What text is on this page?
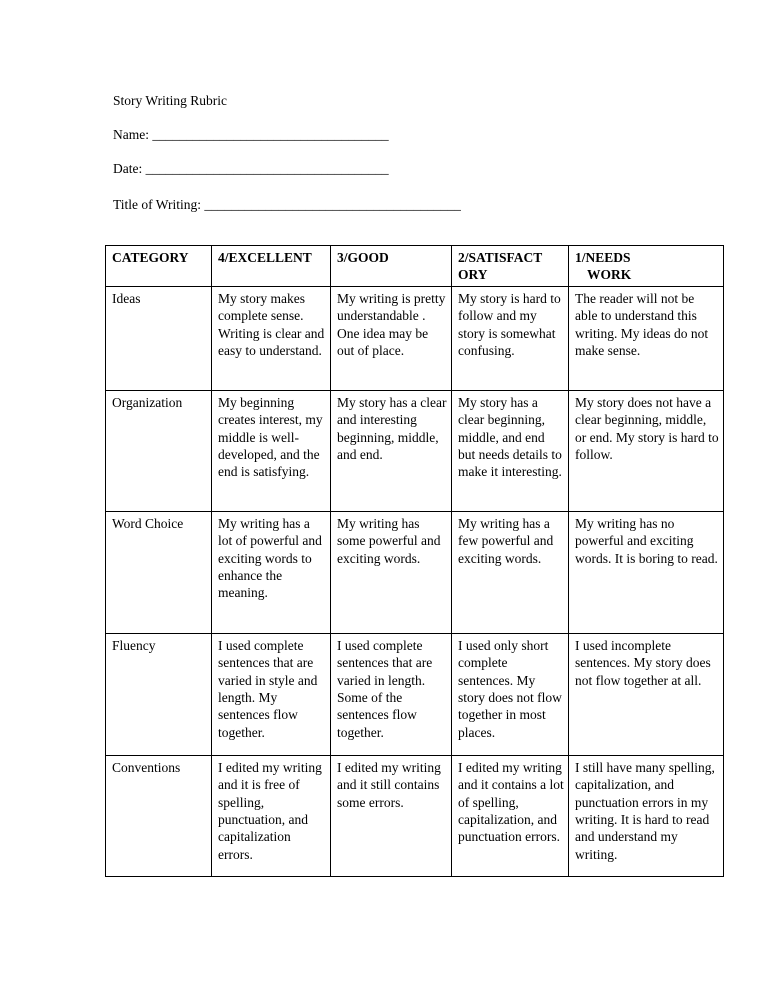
Story Writing Rubric
Name: ___________________________________
Date: ____________________________________
Title of Writing: ______________________________________
CATEGORY	4/EXCELLENT	3/GOOD	2/SATISFACT ORY	1/NEEDS
WORK

Ideas	My story makes complete sense. Writing is clear and easy to understand.	My writing is pretty understandable . One idea may be out of place.	My story is hard to follow and my story is somewhat confusing.	The reader will not be able to understand this writing. My ideas do not make sense.
Organization	My beginning creates interest, my middle is well-developed, and the end is satisfying.	My story has a clear and interesting beginning, middle, and end.	My story has a clear beginning, middle, and end but needs details to make it interesting.	My story does not have a clear beginning, middle, or end. My story is hard to follow.
Word Choice	My writing has a lot of powerful and exciting words to enhance the meaning.	My writing has some powerful and exciting words.	My writing has a few powerful and exciting words.	My writing has no powerful and exciting words. It is boring to read.
Fluency	I used complete sentences that are varied in style and length. My sentences flow together.	I used complete sentences that are varied in length. Some of the sentences flow together.	I used only short complete sentences. My story does not flow together in most places.	I used incomplete sentences. My story does not flow together at all.
Conventions	I edited my writing and it is free of spelling, punctuation, and capitalization errors.	I edited my writing and it still contains some errors.	I edited my writing and it contains a lot of spelling, capitalization, and punctuation errors.	I still have many spelling, capitalization, and punctuation errors in my writing. It is hard to read and understand my writing.
